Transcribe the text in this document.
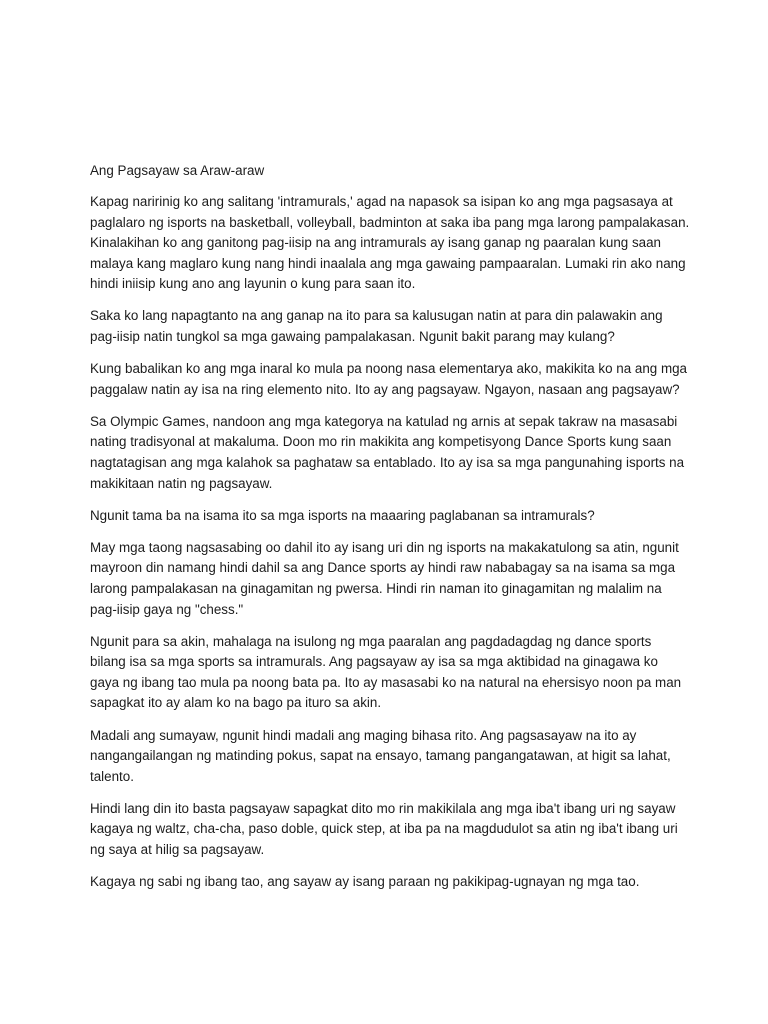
Ang Pagsayaw sa Araw-araw

Kapag naririnig ko ang salitang 'intramurals,' agad na napasok sa isipan ko ang mga pagsasaya at paglalaro ng isports na basketball, volleyball, badminton at saka iba pang mga larong pampalakasan. Kinalakihan ko ang ganitong pag-iisip na ang intramurals ay isang ganap ng paaralan kung saan malaya kang maglaro kung nang hindi inaalala ang mga gawaing pampaaralan. Lumaki rin ako nang hindi iniisip kung ano ang layunin o kung para saan ito.

Saka ko lang napagtanto na ang ganap na ito para sa kalusugan natin at para din palawakin ang pag-iisip natin tungkol sa mga gawaing pampalakasan. Ngunit bakit parang may kulang?

Kung babalikan ko ang mga inaral ko mula pa noong nasa elementarya ako, makikita ko na ang mga paggalaw natin ay isa na ring elemento nito. Ito ay ang pagsayaw. Ngayon, nasaan ang pagsayaw?

Sa Olympic Games, nandoon ang mga kategorya na katulad ng arnis at sepak takraw na masasabi nating tradisyonal at makaluma. Doon mo rin makikita ang kompetisyong Dance Sports kung saan nagtatagisan ang mga kalahok sa paghataw sa entablado. Ito ay isa sa mga pangunahing isports na makikitaan natin ng pagsayaw.

Ngunit tama ba na isama ito sa mga isports na maaaring paglabanan sa intramurals?

May mga taong nagsasabing oo dahil ito ay isang uri din ng isports na makakatulong sa atin, ngunit mayroon din namang hindi dahil sa ang Dance sports ay hindi raw nababagay sa na isama sa mga larong pampalakasan na ginagamitan ng pwersa. Hindi rin naman ito ginagamitan ng malalim na pag-iisip gaya ng "chess."

Ngunit para sa akin, mahalaga na isulong ng mga paaralan ang pagdadagdag ng dance sports bilang isa sa mga sports sa intramurals. Ang pagsayaw ay isa sa mga aktibidad na ginagawa ko gaya ng ibang tao mula pa noong bata pa. Ito ay masasabi ko na natural na ehersisyo noon pa man sapagkat ito ay alam ko na bago pa ituro sa akin.

Madali ang sumayaw, ngunit hindi madali ang maging bihasa rito. Ang pagsasayaw na ito ay nangangailangan ng matinding pokus, sapat na ensayo, tamang pangangatawan, at higit sa lahat, talento.

Hindi lang din ito basta pagsayaw sapagkat dito mo rin makikilala ang mga iba't ibang uri ng sayaw kagaya ng waltz, cha-cha, paso doble, quick step, at iba pa na magdudulot sa atin ng iba't ibang uri ng saya at hilig sa pagsayaw.

Kagaya ng sabi ng ibang tao, ang sayaw ay isang paraan ng pakikipag-ugnayan ng mga tao.
